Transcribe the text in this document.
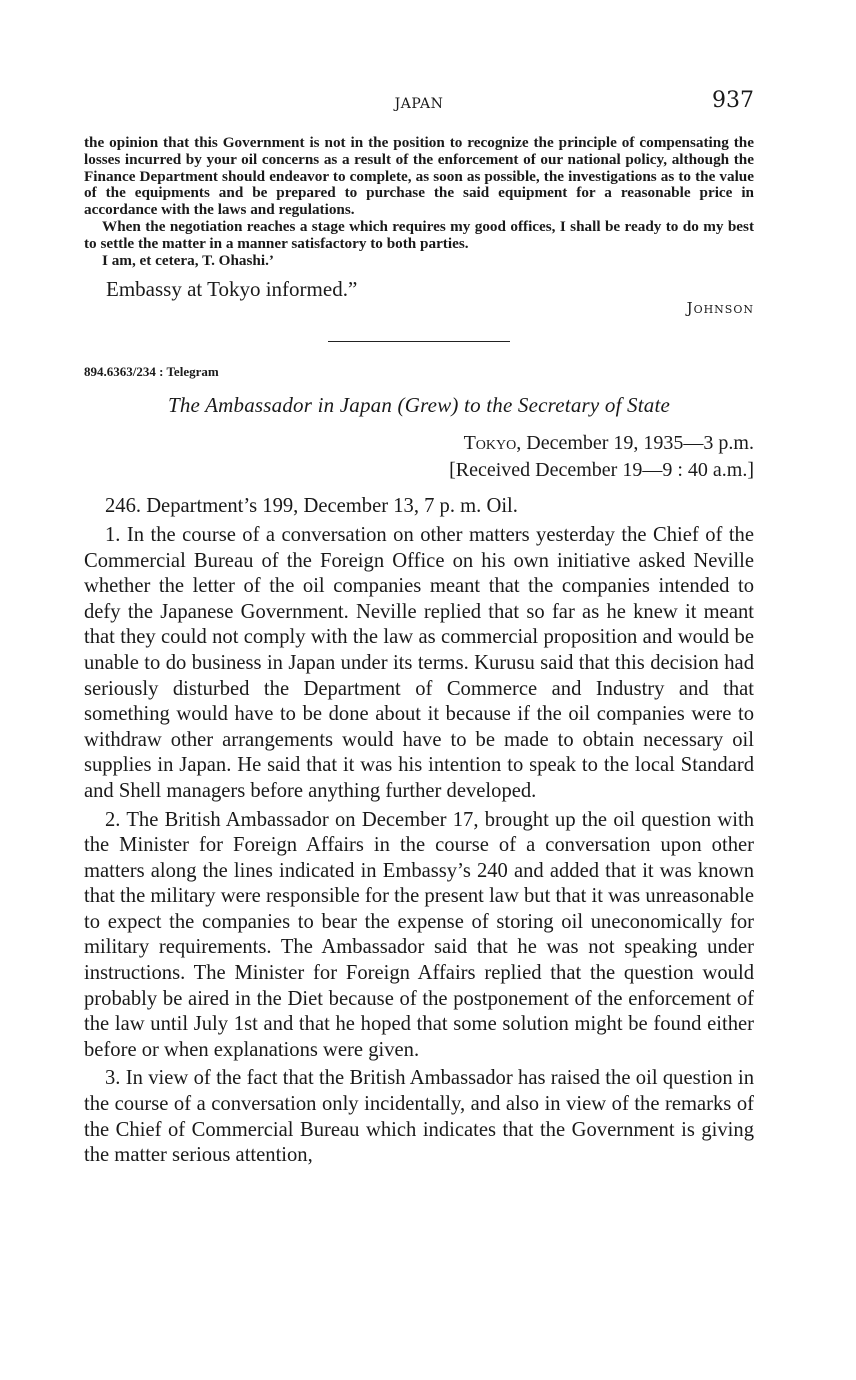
JAPAN	937

the opinion that this Government is not in the position to recognize the principle of compensating the losses incurred by your oil concerns as a result of the enforcement of our national policy, although the Finance Department should endeavor to complete, as soon as possible, the investigations as to the value of the equipments and be prepared to purchase the said equipment for a reasonable price in accordance with the laws and regulations.

When the negotiation reaches a stage which requires my good offices, I shall be ready to do my best to settle the matter in a manner satisfactory to both parties.

I am, et cetera, T. Ohashi.’

Embassy at Tokyo informed.”
Johnson
894.6363/234 : Telegram
The Ambassador in Japan (Grew) to the Secretary of State
Tokyo, December 19, 1935—3 p.m.
[Received December 19—9 : 40 a.m.]

246. Department’s 199, December 13, 7 p. m. Oil.

1. In the course of a conversation on other matters yesterday the Chief of the Commercial Bureau of the Foreign Office on his own initiative asked Neville whether the letter of the oil companies meant that the companies intended to defy the Japanese Government. Neville replied that so far as he knew it meant that they could not comply with the law as commercial proposition and would be unable to do business in Japan under its terms. Kurusu said that this decision had seriously disturbed the Department of Commerce and Industry and that something would have to be done about it because if the oil companies were to withdraw other arrangements would have to be made to obtain necessary oil supplies in Japan. He said that it was his intention to speak to the local Standard and Shell managers before anything further developed.

2. The British Ambassador on December 17, brought up the oil question with the Minister for Foreign Affairs in the course of a conversation upon other matters along the lines indicated in Embassy’s 240 and added that it was known that the military were responsible for the present law but that it was unreasonable to expect the companies to bear the expense of storing oil uneconomically for military requirements. The Ambassador said that he was not speaking under instructions. The Minister for Foreign Affairs replied that the question would probably be aired in the Diet because of the postponement of the enforcement of the law until July 1st and that he hoped that some solution might be found either before or when explanations were given.

3. In view of the fact that the British Ambassador has raised the oil question in the course of a conversation only incidentally, and also in view of the remarks of the Chief of Commercial Bureau which indicates that the Government is giving the matter serious attention,
